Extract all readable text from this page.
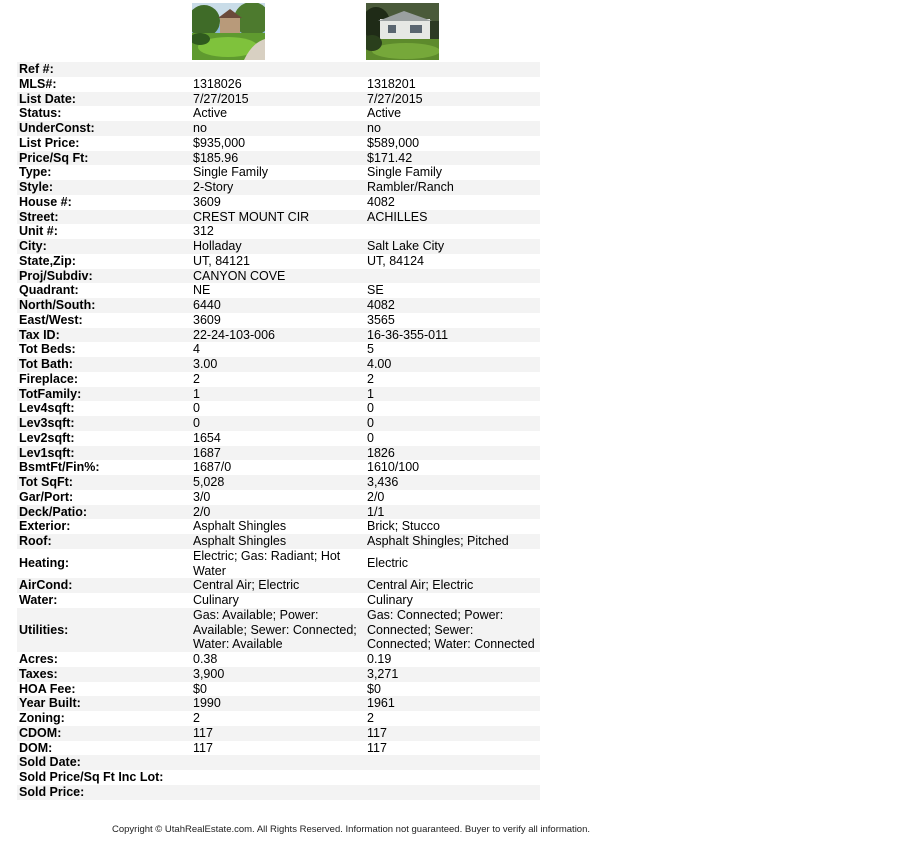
Ref #:		
MLS#:	1318026	1318201
List Date:	7/27/2015	7/27/2015
Status:	Active	Active
UnderConst:	no	no
List Price:	$935,000	$589,000
Price/Sq Ft:	$185.96	$171.42
Type:	Single Family	Single Family
Style:	2-Story	Rambler/Ranch
House #:	3609	4082
Street:	CREST MOUNT CIR	ACHILLES
Unit #:	312	
City:	Holladay	Salt Lake City
State,Zip:	UT, 84121	UT, 84124
Proj/Subdiv:	CANYON COVE	
Quadrant:	NE	SE
North/South:	6440	4082
East/West:	3609	3565
Tax ID:	22-24-103-006	16-36-355-011
Tot Beds:	4	5
Tot Bath:	3.00	4.00
Fireplace:	2	2
TotFamily:	1	1
Lev4sqft:	0	0
Lev3sqft:	0	0
Lev2sqft:	1654	0
Lev1sqft:	1687	1826
BsmtFt/Fin%:	1687/0	1610/100
Tot SqFt:	5,028	3,436
Gar/Port:	3/0	2/0
Deck/Patio:	2/0	1/1
Exterior:	Asphalt Shingles	Brick; Stucco
Roof:	Asphalt Shingles	Asphalt Shingles; Pitched
Heating:	Electric; Gas: Radiant; Hot Water	Electric
AirCond:	Central Air; Electric	Central Air; Electric
Water:	Culinary	Culinary
Utilities:	Gas: Available; Power: Available; Sewer: Connected; Water: Available	Gas: Connected; Power: Connected; Sewer: Connected; Water: Connected
Acres:	0.38	0.19
Taxes:	3,900	3,271
HOA Fee:	$0	$0
Year Built:	1990	1961
Zoning:	2	2
CDOM:	117	117
DOM:	117	117
Sold Date:		
Sold Price/Sq Ft Inc Lot:		
Sold Price:		
Copyright © UtahRealEstate.com. All Rights Reserved. Information not guaranteed. Buyer to verify all information.
